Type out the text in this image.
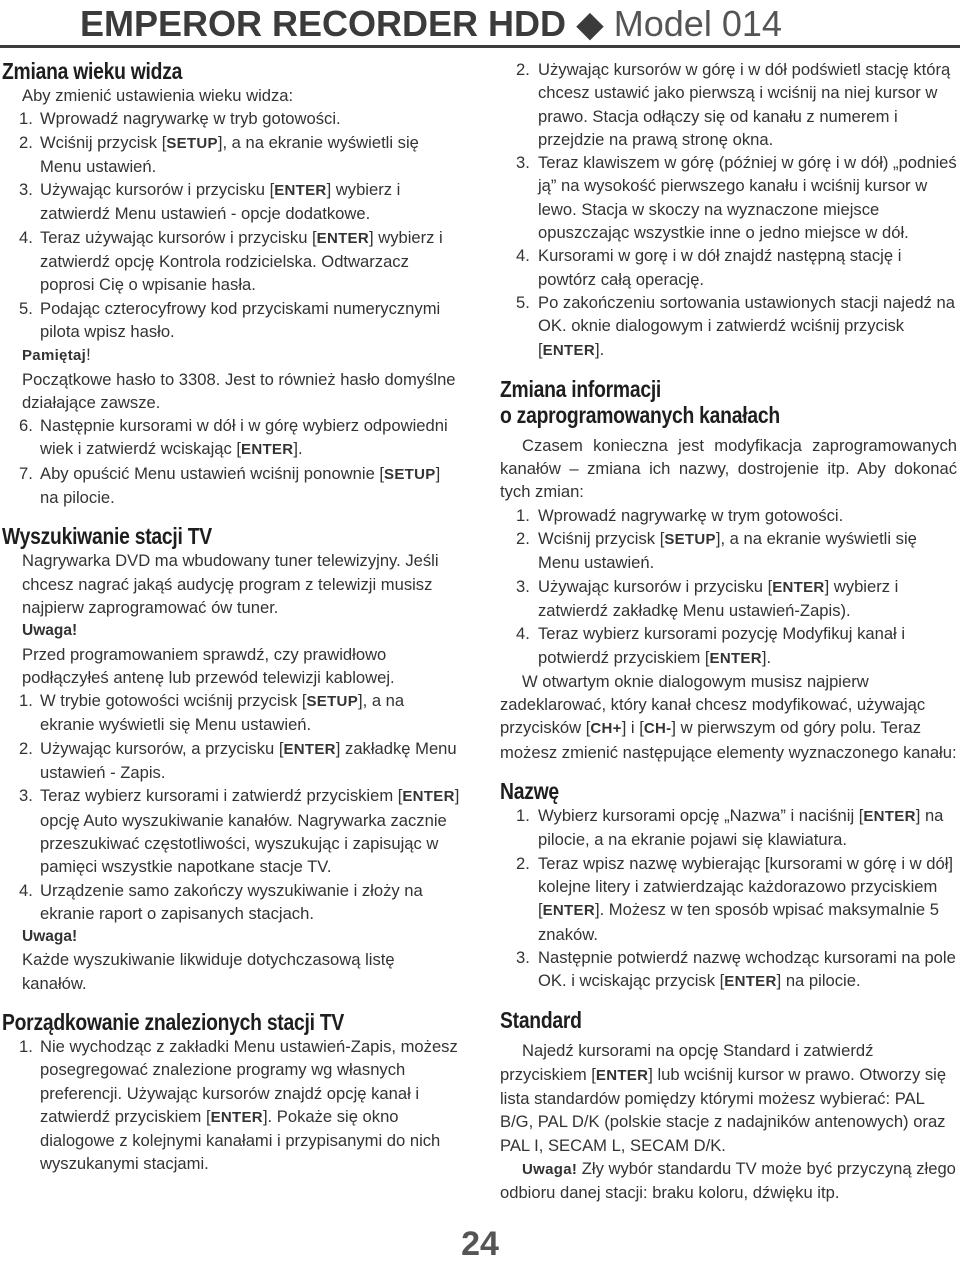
EMPEROR RECORDER HDD ◆ Model 014
Zmiana wieku widza

Aby zmienić ustawienia wieku widza:

1. Wprowadź nagrywarkę w tryb gotowości.
2. Wciśnij przycisk [SETUP], a na ekranie wyświetli się Menu ustawień.
3. Używając kursorów i przycisku [ENTER] wybierz i zatwierdź Menu ustawień - opcje dodatkowe.
4. Teraz używając kursorów i przycisku [ENTER] wybierz i zatwierdź opcję Kontrola rodzicielska. Odtwarzacz poprosi Cię o wpisanie hasła.
5. Podając czterocyfrowy kod przyciskami numerycznymi pilota wpisz hasło.

Pamiętaj!

Początkowe hasło to 3308. Jest to również hasło domyślne działające zawsze.

6. Następnie kursorami w dół i w górę wybierz odpowiedni wiek i zatwierdź wciskając [ENTER].
7. Aby opuścić Menu ustawień wciśnij ponownie [SETUP] na pilocie.
Wyszukiwanie stacji TV

Nagrywarka DVD ma wbudowany tuner telewizyjny. Jeśli chcesz nagrać jakąś audycję program z telewizji musisz najpierw zaprogramować ów tuner.

Uwaga!

Przed programowaniem sprawdź, czy prawidłowo podłączyłeś antenę lub przewód telewizji kablowej.

1. W trybie gotowości wciśnij przycisk [SETUP], a na ekranie wyświetli się Menu ustawień.
2. Używając kursorów, a przycisku [ENTER] zakładkę Menu ustawień - Zapis.
3. Teraz wybierz kursorami i zatwierdź przyciskiem [ENTER] opcję Auto wyszukiwanie kanałów. Nagrywarka zacznie przeszukiwać częstotliwości, wyszukując i zapisując w pamięci wszystkie napotkane stacje TV.
4. Urządzenie samo zakończy wyszukiwanie i złoży na ekranie raport o zapisanych stacjach.

Uwaga!

Każde wyszukiwanie likwiduje dotychczasową listę kanałów.

Porządkowanie znalezionych stacji TV
1. Nie wychodząc z zakładki Menu ustawień-Zapis, możesz posegregować znalezione programy wg własnych preferencji. Używając kursorów znajdź opcję kanał i zatwierdź przyciskiem [ENTER]. Pokaże się okno dialogowe z kolejnymi kanałami i przypisanymi do nich wyszukanymi stacjami.
2. Używając kursorów w górę i w dół podświetl stację którą chcesz ustawić jako pierwszą i wciśnij na niej kursor w prawo. Stacja odłączy się od kanału z numerem i przejdzie na prawą stronę okna.
3. Teraz klawiszem w górę (później w górę i w dół) „podnieś ją” na wysokość pierwszego kanału i wciśnij kursor w lewo. Stacja w skoczy na wyznaczone miejsce opuszczając wszystkie inne o jedno miejsce w dół.
4. Kursorami w gorę i w dół znajdź następną stację i powtórz całą operację.
5. Po zakończeniu sortowania ustawionych stacji najedź na OK. oknie dialogowym i zatwierdź wciśnij przycisk [ENTER].
Zmiana informacji
o zaprogramowanych kanałach

Czasem konieczna jest modyfikacja zaprogramowanych kanałów – zmiana ich nazwy, dostrojenie itp. Aby dokonać tych zmian:

1. Wprowadź nagrywarkę w trym gotowości.
2. Wciśnij przycisk [SETUP], a na ekranie wyświetli się Menu ustawień.
3. Używając kursorów i przycisku [ENTER] wybierz i zatwierdź zakładkę Menu ustawień-Zapis).
4. Teraz wybierz kursorami pozycję Modyfikuj kanał i potwierdź przyciskiem [ENTER].

W otwartym oknie dialogowym musisz najpierw zadeklarować, który kanał chcesz modyfikować, używając przycisków [CH+] i [CH-] w pierwszym od góry polu. Teraz możesz zmienić następujące elementy wyznaczonego kanału:

Nazwę
1. Wybierz kursorami opcję „Nazwa” i naciśnij [ENTER] na pilocie, a na ekranie pojawi się klawiatura.
2. Teraz wpisz nazwę wybierając [kursorami w górę i w dół] kolejne litery i zatwierdzając każdorazowo przyciskiem [ENTER]. Możesz w ten sposób wpisać maksymalnie 5 znaków.
3. Następnie potwierdź nazwę wchodząc kursorami na pole OK. i wciskając przycisk [ENTER] na pilocie.
Standard

Najedź kursorami na opcję Standard i zatwierdź przyciskiem [ENTER] lub wciśnij kursor w prawo. Otworzy się lista standardów pomiędzy którymi możesz wybierać: PAL B/G, PAL D/K (polskie stacje z nadajników antenowych) oraz PAL I, SECAM L, SECAM D/K.

Uwaga! Zły wybór standardu TV może być przyczyną złego odbioru danej stacji: braku koloru, dźwięku itp.

24
